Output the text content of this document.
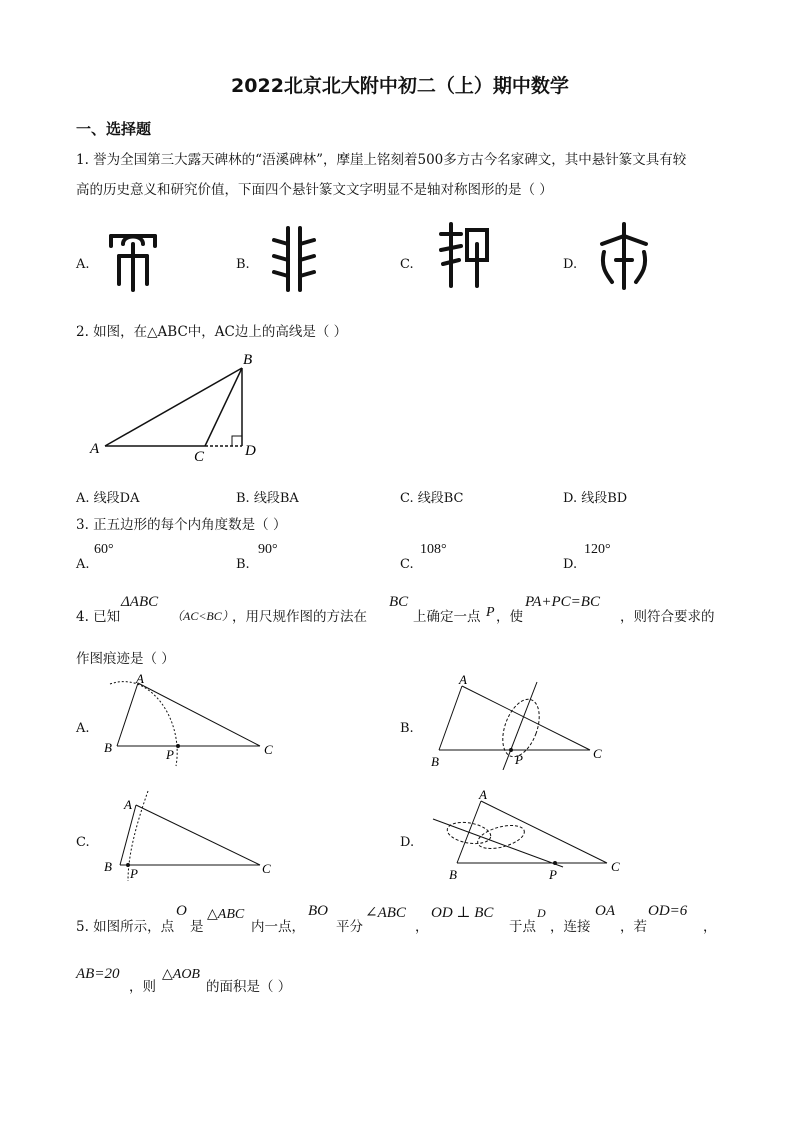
2022北京北大附中初二（上）期中数学
一、选择题
1. 誉为全国第三大露天碑林的“浯溪碑林”，摩崖上铭刻着500多方古今名家碑文，其中悬针篆文具有较
高的历史意义和研究价值，下面四个悬针篆文文字明显不是轴对称图形的是（ ）
A.	B.	C.	D.
2. 如图，在△ABC中，AC边上的高线是（ ）
B
A	C	D
A. 线段DA	B. 线段BA	C. 线段BC	D. 线段BD
3. 正五边形的每个内角度数是（ ）
A.
60°
B.
90°
C.
108°
D.
120°
4. 已知
ΔABC
（AC<BC）
，用尺规作图的方法在
BC
上确定一点 P ，使
PA+PC=BC
，则符合要求的
作图痕迹是（ ）
A.	B.
C.	D.
A
B	C
P
A
B
C
P
A
B	C
P
A
B
C
P
5. 如图所示，点
O
是
△ABC
内一点，
BO
平分
∠ABC
，
OD ⊥ BC
于点
D
，连接
OA
，若
OD=6
，
AB=20
，则
△AOB
的面积是（ ）
